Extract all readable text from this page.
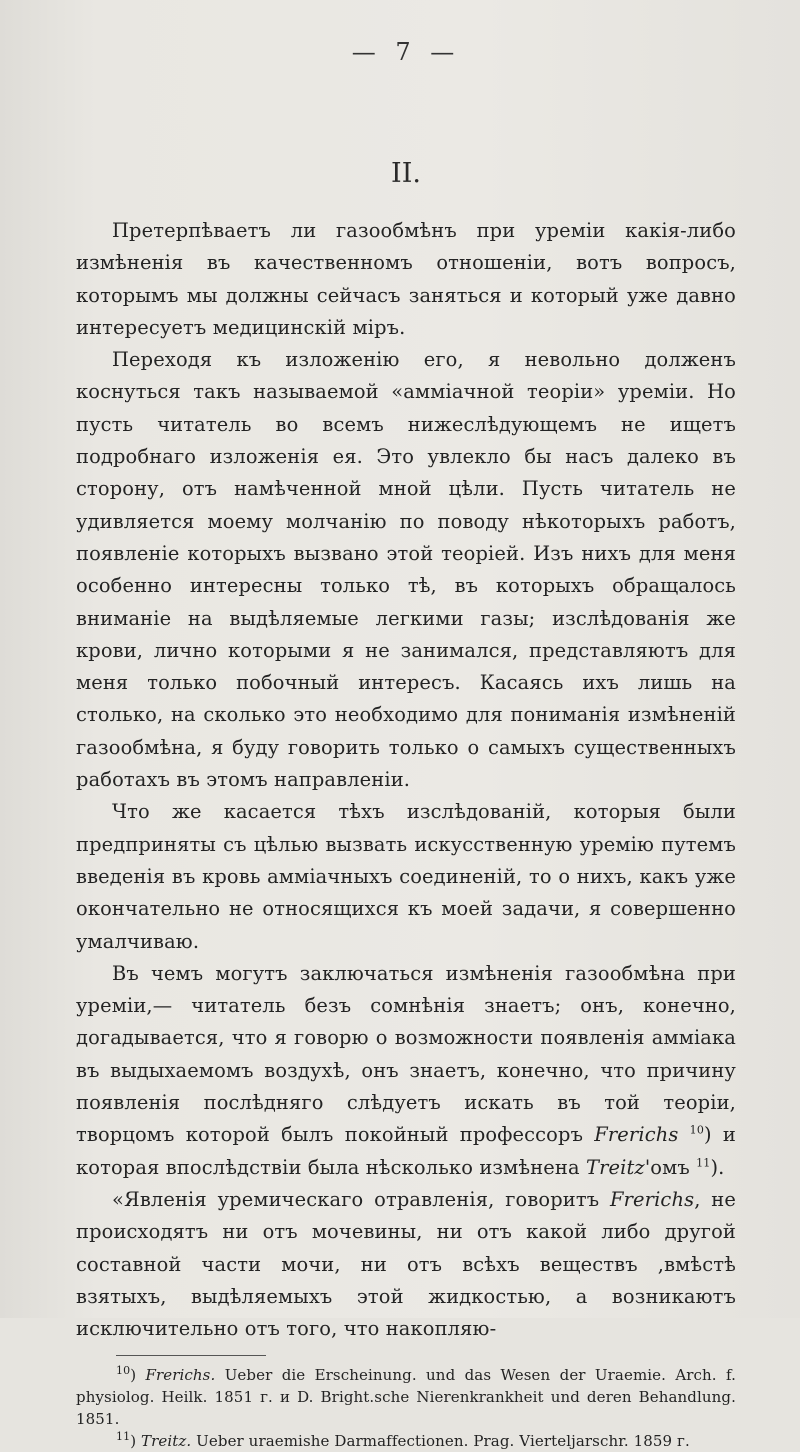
— 7 —
II.

Претерпѣваетъ ли газообмѣнъ при уреміи какія-либо измѣненія въ качественномъ отношеніи, вотъ вопросъ, которымъ мы должны сейчасъ заняться и который уже давно интересуетъ медицинскій міръ.

Переходя къ изложенію его, я невольно долженъ коснуться такъ называемой «амміачной теоріи» уреміи. Но пусть читатель во всемъ нижеслѣдующемъ не ищетъ подробнаго изложенія ея. Это увлекло бы насъ далеко въ сторону, отъ намѣченной мной цѣли. Пусть читатель не удивляется моему молчанію по поводу нѣкоторыхъ работъ, появленіе которыхъ вызвано этой теоріей. Изъ нихъ для меня особенно интересны только тѣ, въ которыхъ обращалось вниманіе на выдѣляемые легкими газы; изслѣдованія же крови, лично которыми я не занимался, представляютъ для меня только побочный интересъ. Касаясь ихъ лишь на столько, на сколько это необходимо для пониманія измѣненій газообмѣна, я буду говорить только о самыхъ существенныхъ работахъ въ этомъ направленіи.

Что же касается тѣхъ изслѣдованій, которыя были предприняты съ цѣлью вызвать искусственную уремію путемъ введенія въ кровь амміачныхъ соединеній, то о нихъ, какъ уже окончательно не относящихся къ моей задачи, я совершенно умалчиваю.

Въ чемъ могутъ заключаться измѣненія газообмѣна при уреміи,— читатель безъ сомнѣнія знаетъ; онъ, конечно, догадывается, что я говорю о возможности появленія амміака въ выдыхаемомъ воздухѣ, онъ знаетъ, конечно, что причину появленія послѣдняго слѣдуетъ искать въ той теоріи, творцомъ которой былъ покойный профессоръ Frerichs $^{10}$) и которая впослѣдствіи была нѣсколько измѣнена Treitz'омъ $^{11}$).

«Явленія уремическаго отравленія, говоритъ Frerichs, не происходятъ ни отъ мочевины, ни отъ какой либо другой составной части мочи, ни отъ всѣхъ веществъ ,вмѣстѣ взятыхъ, выдѣляемыхъ этой жидкостью, а возникаютъ исключительно отъ того, что накопляю-

$^{10}$) Frerichs. Ueber die Erscheinung. und das Wesen der Uraemie. Arch. f. physiolog. Heilk. 1851 г. и D. Bright.sche Nierenkrankheit und deren Behandlung. 1851.

$^{11}$) Treitz. Ueber uraemishe Darmaffectionen. Prag. Vierteljarschr. 1859 г.
